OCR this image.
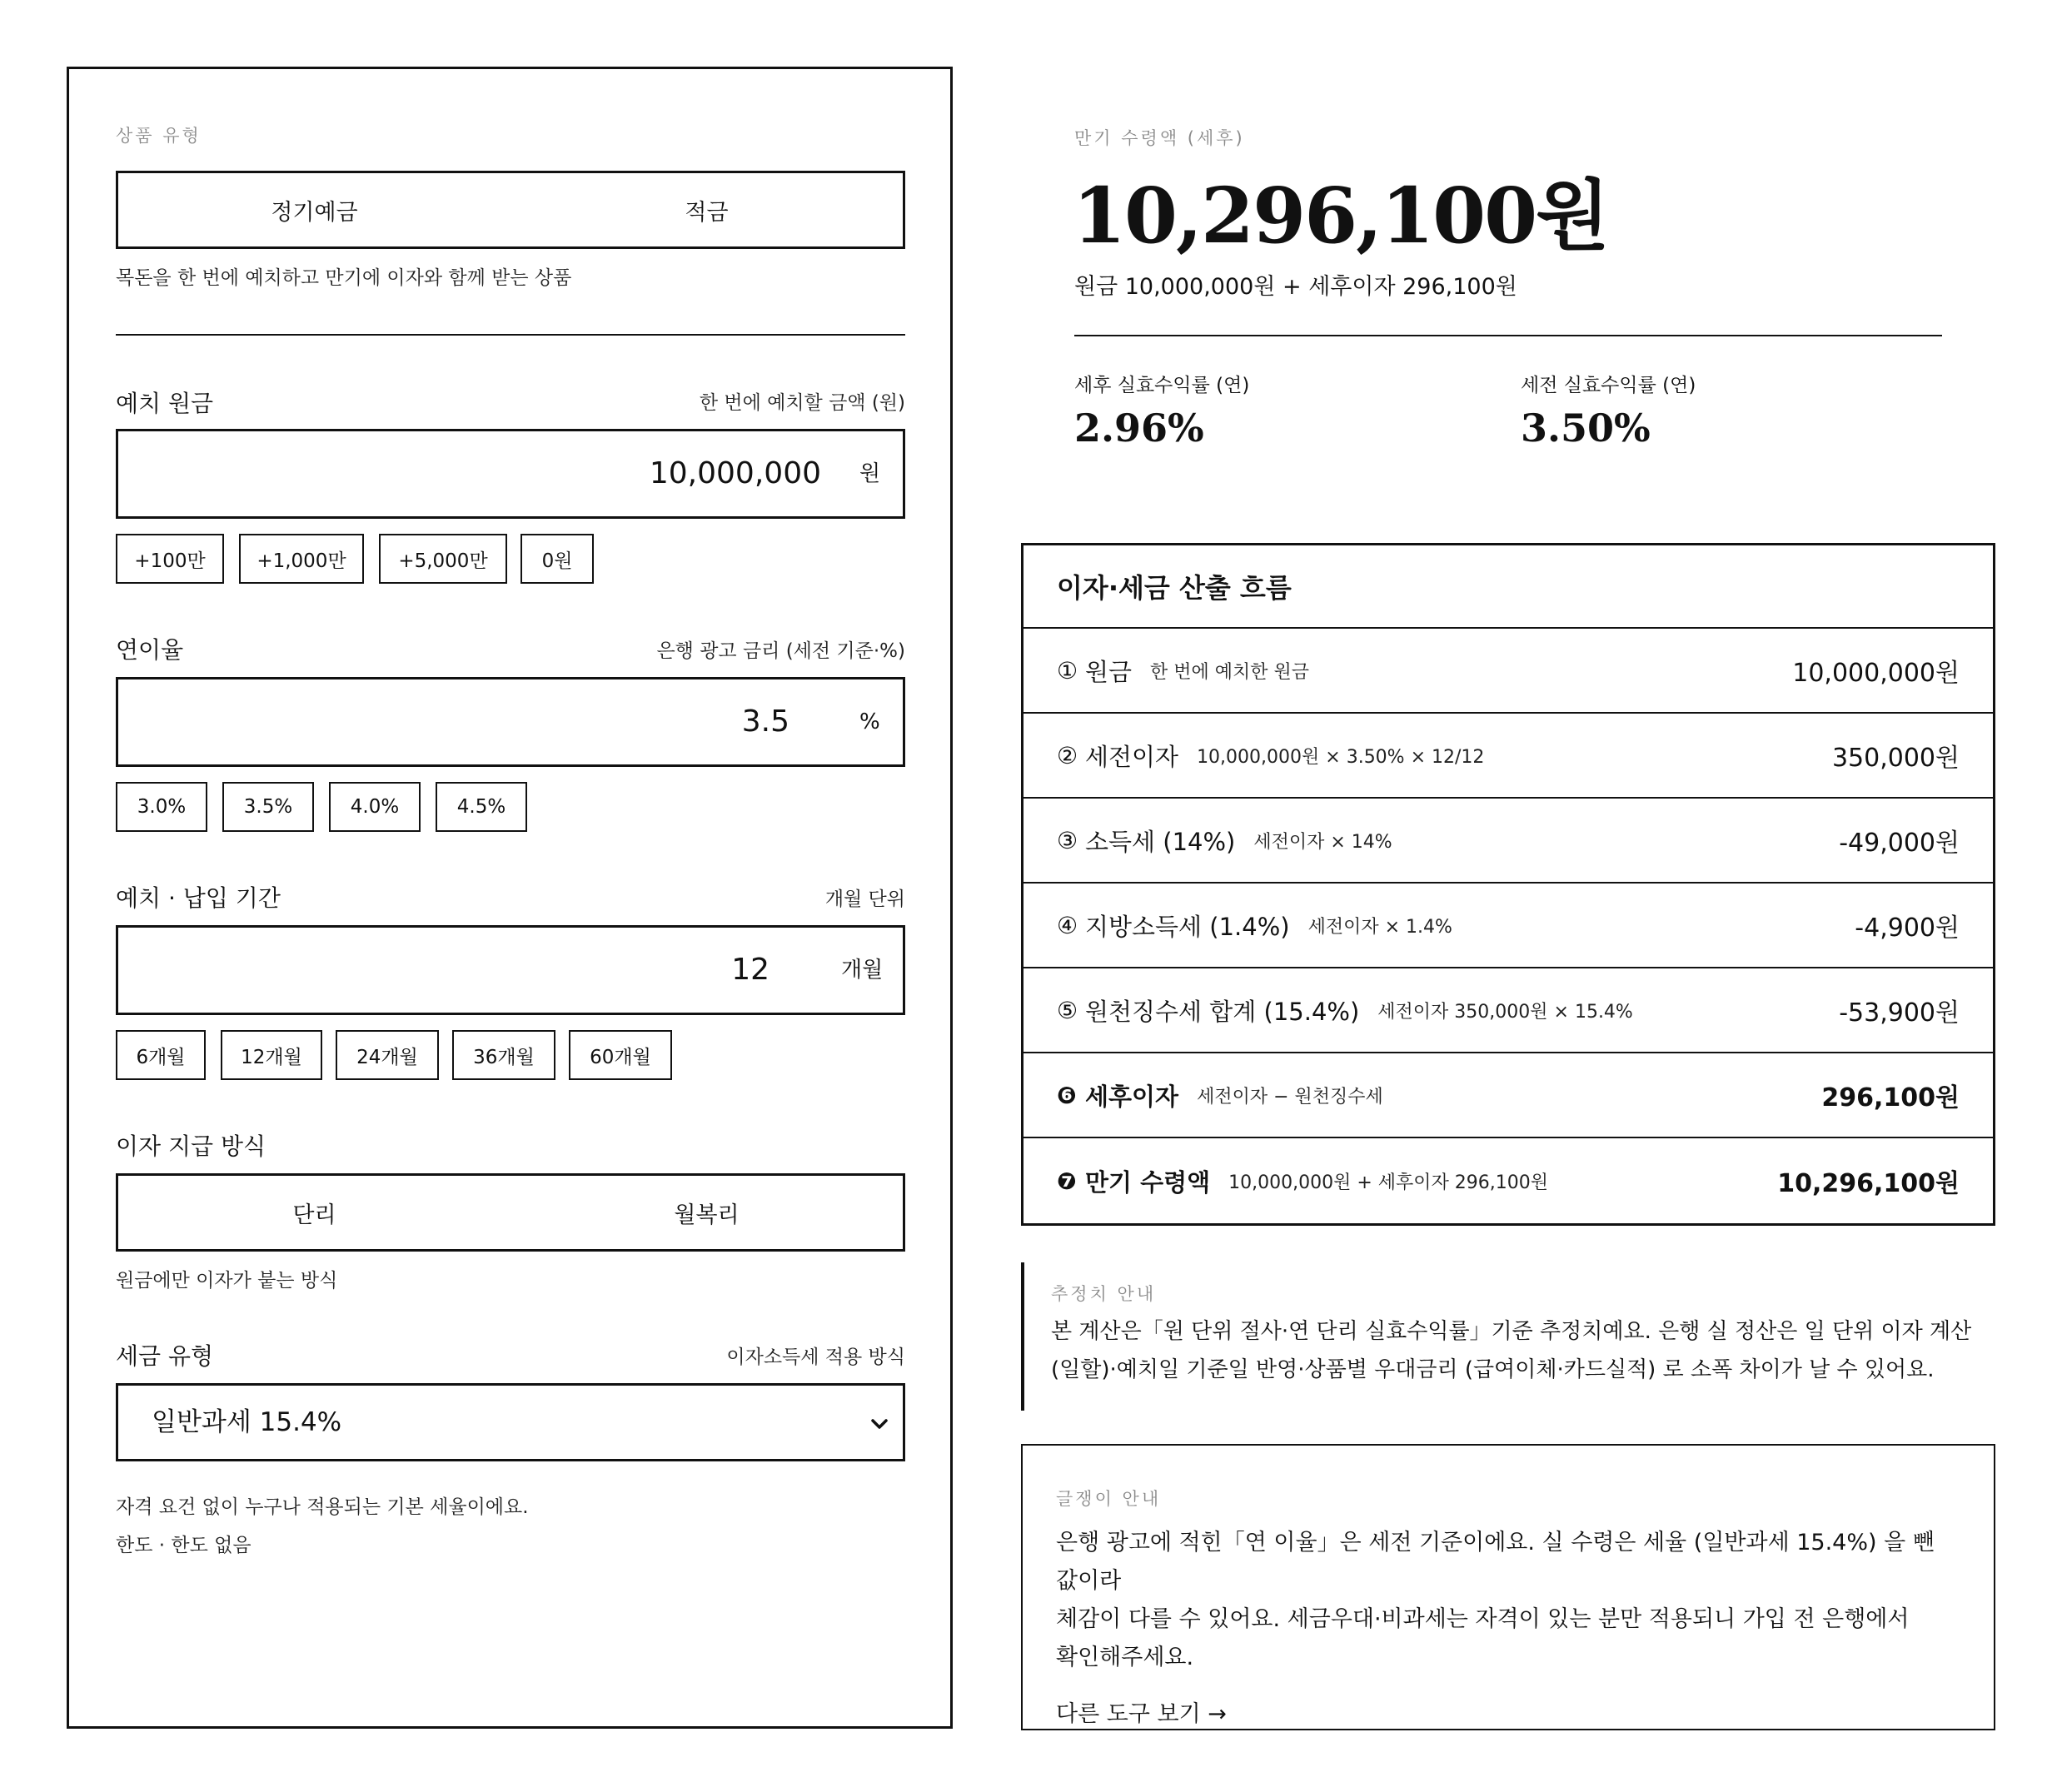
상품 유형
정기예금	적금
목돈을 한 번에 예치하고 만기에 이자와 함께 받는 상품
예치 원금	한 번에 예치할 금액 (원)
10,000,000 원
+100만	+1,000만	+5,000만	0원
연이율	은행 광고 금리 (세전 기준·%)
3.5	%
3.0%	3.5%	4.0%	4.5%
예치 · 납입 기간	개월 단위
12	개월
6개월	12개월	24개월	36개월	60개월
이자 지급 방식
단리	월복리
원금에만 이자가 붙는 방식
세금 유형	이자소득세 적용 방식
일반과세 15.4%
자격 요건 없이 누구나 적용되는 기본 세율이에요.
한도 · 한도 없음
만기 수령액 (세후)
10,296,100원
원금 10,000,000원 + 세후이자 296,100원
세후 실효수익률 (연)
2.96%
세전 실효수익률 (연)
3.50%
이자·세금 산출 흐름
① 원금 한 번에 예치한 원금	10,000,000원
② 세전이자 10,000,000원 × 3.50% × 12/12	350,000원
③ 소득세 (14%) 세전이자 × 14%	-49,000원
④ 지방소득세 (1.4%) 세전이자 × 1.4%	-4,900원
⑤ 원천징수세 합계 (15.4%) 세전이자 350,000원 × 15.4%	-53,900원
❻ 세후이자 세전이자 − 원천징수세	296,100원
❼ 만기 수령액 10,000,000원 + 세후이자 296,100원	10,296,100원
추정치 안내
본 계산은「원 단위 절사·연 단리 실효수익률」기준 추정치예요. 은행 실 정산은 일 단위 이자 계산
(일할)·예치일 기준일 반영·상품별 우대금리 (급여이체·카드실적) 로 소폭 차이가 날 수 있어요.
글쟁이 안내
은행 광고에 적힌「연 이율」은 세전 기준이에요. 실 수령은 세율 (일반과세 15.4%) 을 뺀 값이라
체감이 다를 수 있어요. 세금우대·비과세는 자격이 있는 분만 적용되니 가입 전 은행에서
확인해주세요.
다른 도구 보기 →
